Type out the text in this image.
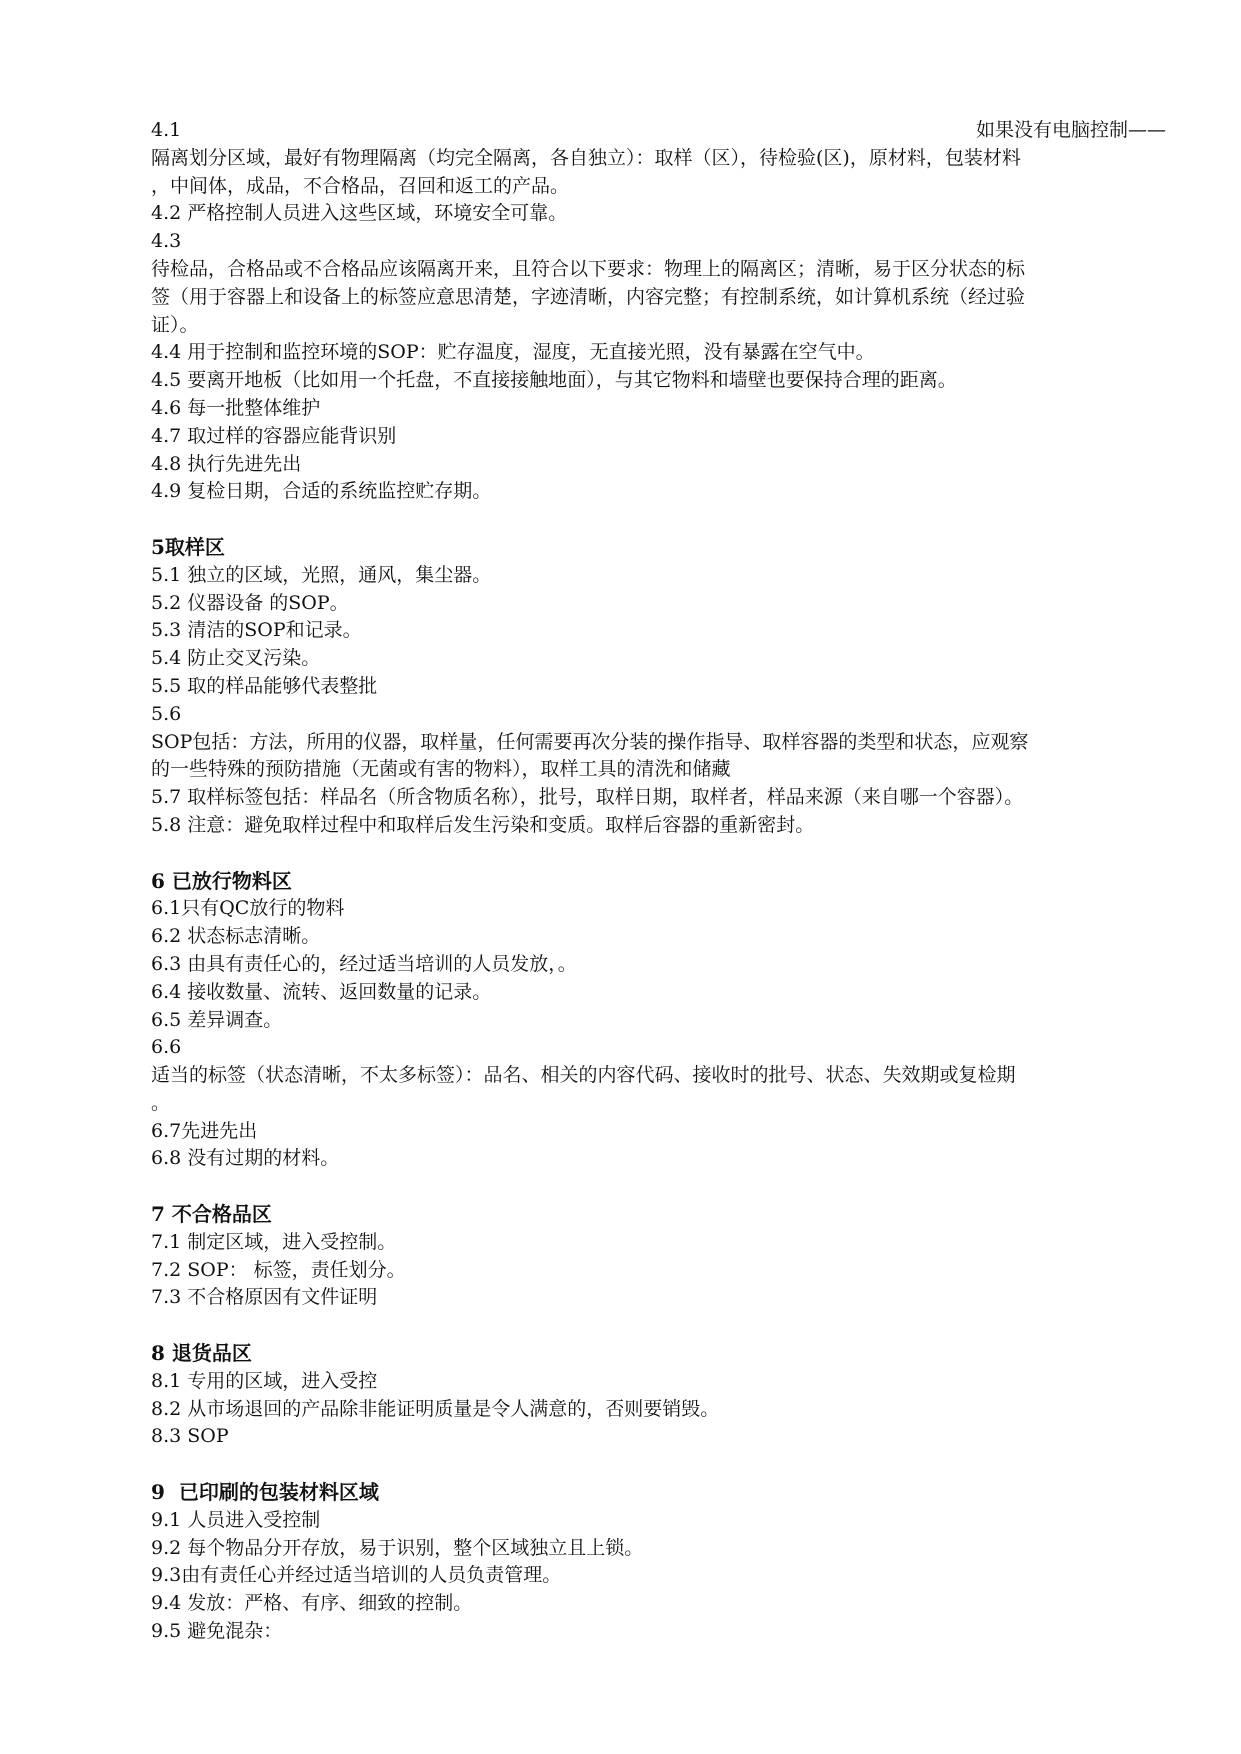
4.1	如果没有电脑控制——
隔离划分区域，最好有物理隔离（均完全隔离，各自独立）：取样（区），待检验(区)，原材料，包装材料
，中间体，成品，不合格品，召回和返工的产品。
4.2 严格控制人员进入这些区域，环境安全可靠。
4.3
待检品，合格品或不合格品应该隔离开来，且符合以下要求：物理上的隔离区；清晰，易于区分状态的标
签（用于容器上和设备上的标签应意思清楚，字迹清晰，内容完整；有控制系统，如计算机系统（经过验
证）。
4.4 用于控制和监控环境的SOP：贮存温度，湿度，无直接光照，没有暴露在空气中。
4.5 要离开地板（比如用一个托盘，不直接接触地面），与其它物料和墙壁也要保持合理的距离。
4.6 每一批整体维护
4.7 取过样的容器应能背识别
4.8 执行先进先出
4.9 复检日期，合适的系统监控贮存期。
5取样区
5.1 独立的区域，光照，通风，集尘器。
5.2 仪器设备 的SOP。
5.3 清洁的SOP和记录。
5.4 防止交叉污染。
5.5 取的样品能够代表整批
5.6
SOP包括：方法，所用的仪器，取样量，任何需要再次分装的操作指导、取样容器的类型和状态，应观察
的一些特殊的预防措施（无菌或有害的物料），取样工具的清洗和储藏
5.7 取样标签包括：样品名（所含物质名称），批号，取样日期，取样者，样品来源（来自哪一个容器）。
5.8 注意：避免取样过程中和取样后发生污染和变质。取样后容器的重新密封。
6 已放行物料区
6.1只有QC放行的物料
6.2 状态标志清晰。
6.3 由具有责任心的，经过适当培训的人员发放，。
6.4 接收数量、流转、返回数量的记录。
6.5 差异调查。
6.6
适当的标签（状态清晰，不太多标签）：品名、相关的内容代码、接收时的批号、状态、失效期或复检期
。
6.7先进先出
6.8 没有过期的材料。
7 不合格品区
7.1 制定区域，进入受控制。
7.2 SOP： 标签，责任划分。
7.3 不合格原因有文件证明
8 退货品区
8.1 专用的区域，进入受控
8.2 从市场退回的产品除非能证明质量是令人满意的，否则要销毁。
8.3 SOP
9  已印刷的包装材料区域
9.1 人员进入受控制
9.2 每个物品分开存放，易于识别，整个区域独立且上锁。
9.3由有责任心并经过适当培训的人员负责管理。
9.4 发放：严格、有序、细致的控制。
9.5 避免混杂：
